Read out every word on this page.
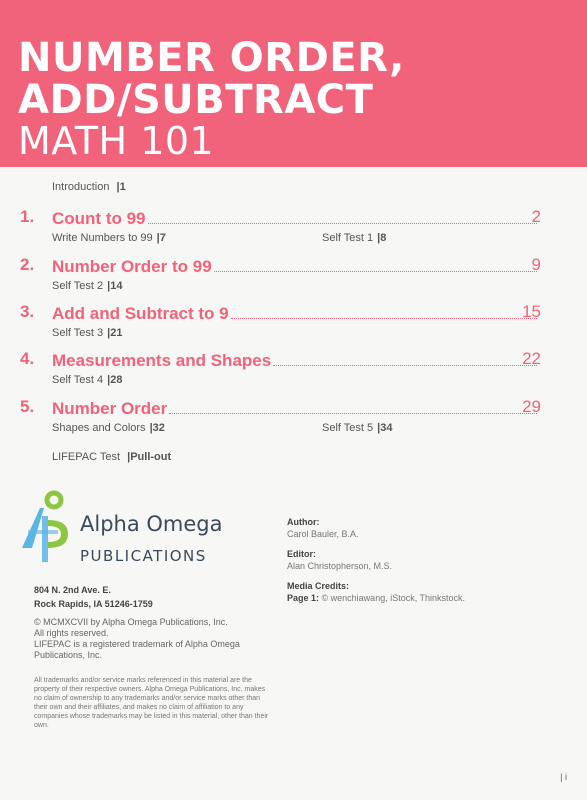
NUMBER ORDER,
ADD/SUBTRACT
MATH 101
Introduction |1
1. Count to 99	2
Write Numbers to 99 |7	Self Test 1 |8
2. Number Order to 99	9
Self Test 2 |14
3. Add and Subtract to 9	15
Self Test 3 |21
4. Measurements and Shapes	22
Self Test 4 |28
5. Number Order	29
Shapes and Colors |32	Self Test 5 |34
LIFEPAC Test |Pull-out
Alpha Omega
PUBLICATIONS
804 N. 2nd Ave. E.
Rock Rapids, IA 51246-1759
© MCMXCVII by Alpha Omega Publications, Inc.
All rights reserved.
LIFEPAC is a registered trademark of Alpha Omega Publications, Inc.
All trademarks and/or service marks referenced in this material are the property of their respective owners. Alpha Omega Publications, Inc. makes no claim of ownership to any trademarks and/or service marks other than their own and their affiliates, and makes no claim of affiliation to any companies whose trademarks may be listed in this material, other than their own.
Author:
Carol Bauler, B.A.
Editor:
Alan Christopherson, M.S.
Media Credits:
Page 1: © wenchiawang, iStock, Thinkstock.
| i
